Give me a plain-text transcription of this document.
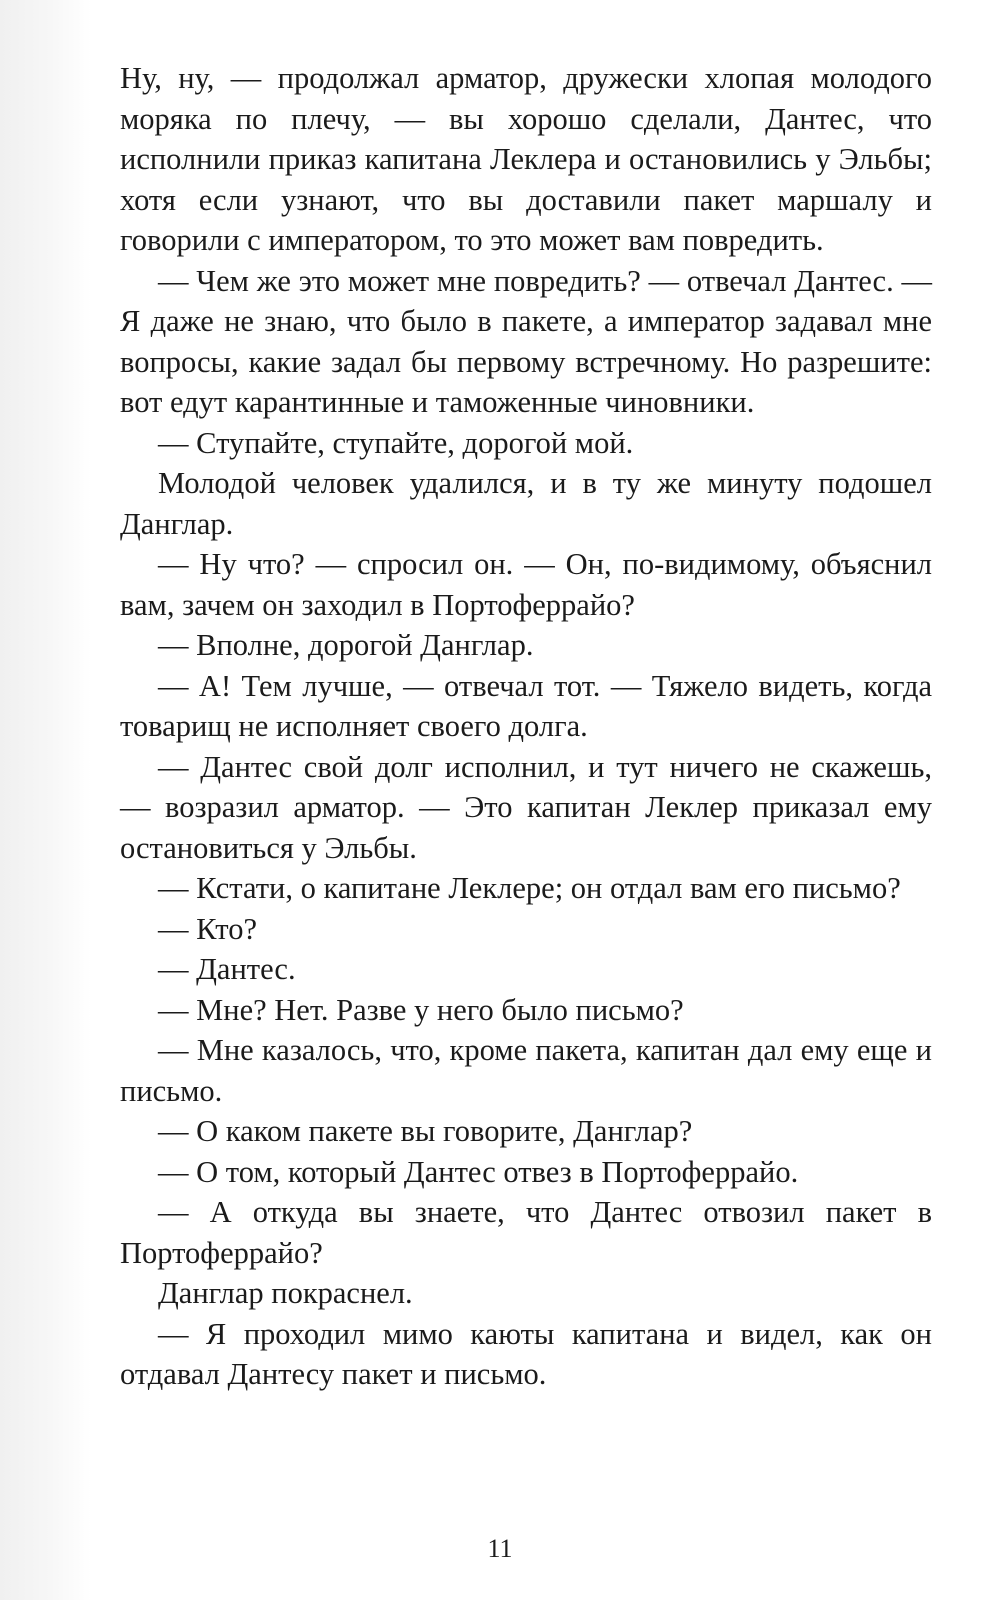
Ну, ну, — продолжал арматор, дружески хлопая молодого моряка по плечу, — вы хорошо сделали, Дантес, что исполнили приказ капитана Леклера и остановились у Эльбы; хотя если узнают, что вы доставили пакет маршалу и говорили с императором, то это может вам повредить.

— Чем же это может мне повредить? — отвечал Дантес. — Я даже не знаю, что было в пакете, а император задавал мне вопросы, какие задал бы первому встречному. Но разрешите: вот едут карантинные и таможенные чиновники.

— Ступайте, ступайте, дорогой мой.

Молодой человек удалился, и в ту же минуту подошел Данглар.

— Ну что? — спросил он. — Он, по-видимому, объяснил вам, зачем он заходил в Портоферрайо?

— Вполне, дорогой Данглар.

— А! Тем лучше, — отвечал тот. — Тяжело видеть, когда товарищ не исполняет своего долга.

— Дантес свой долг исполнил, и тут ничего не скажешь, — возразил арматор. — Это капитан Леклер приказал ему остановиться у Эльбы.

— Кстати, о капитане Леклере; он отдал вам его письмо?

— Кто?

— Дантес.

— Мне? Нет. Разве у него было письмо?

— Мне казалось, что, кроме пакета, капитан дал ему еще и письмо.

— О каком пакете вы говорите, Данглар?

— О том, который Дантес отвез в Портоферрайо.

— А откуда вы знаете, что Дантес отвозил пакет в Портоферрайо?

Данглар покраснел.

— Я проходил мимо каюты капитана и видел, как он отдавал Дантесу пакет и письмо.

11
